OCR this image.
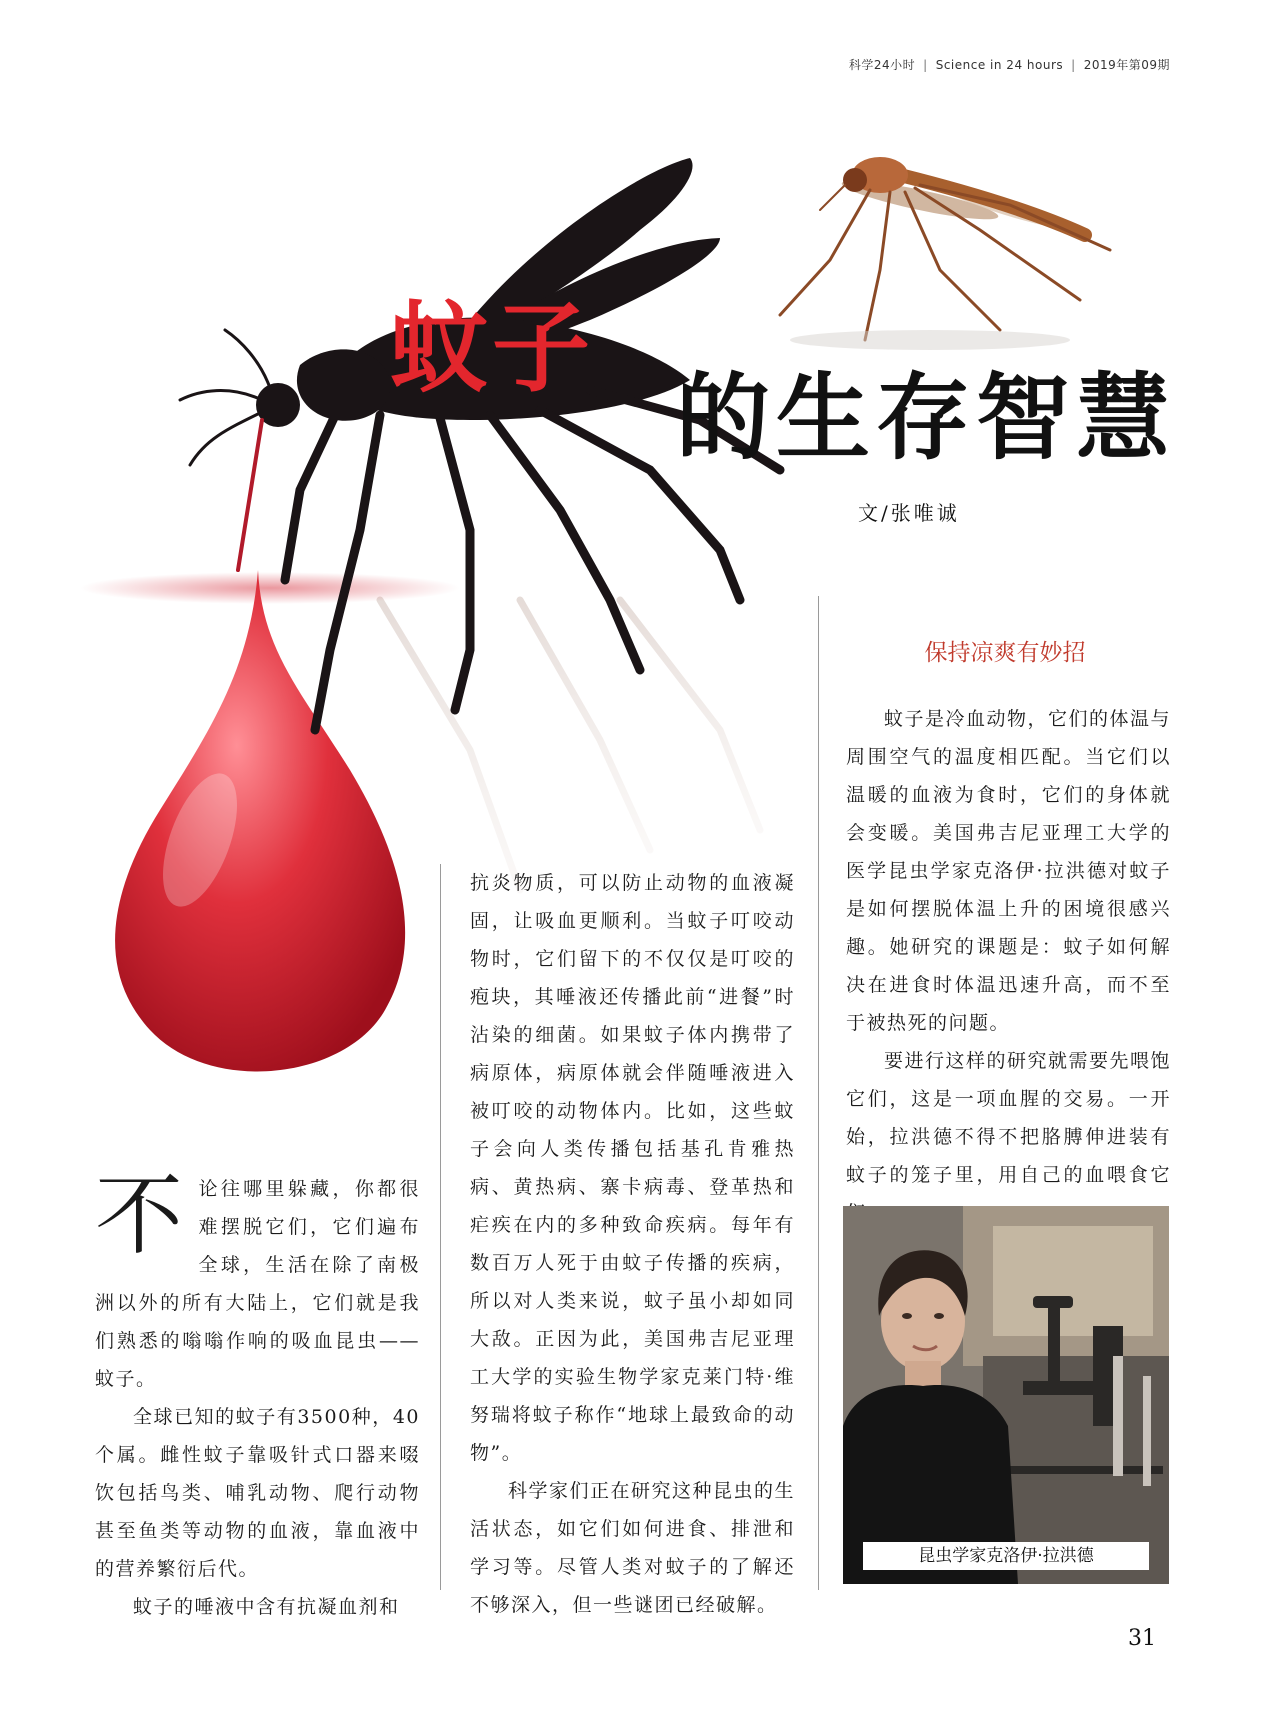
科学24小时 | Science in 24 hours | 2019年第09期
蚊子
的生存智慧
文/张唯诚
保持凉爽有妙招

不论往哪里躲藏，你都很难摆脱它们，它们遍布全球，生活在除了南极洲以外的所有大陆上，它们就是我们熟悉的嗡嗡作响的吸血昆虫——蚊子。

全球已知的蚊子有3500种，40个属。雌性蚊子靠吸针式口器来啜饮包括鸟类、哺乳动物、爬行动物甚至鱼类等动物的血液，靠血液中的营养繁衍后代。

蚊子的唾液中含有抗凝血剂和

抗炎物质，可以防止动物的血液凝固，让吸血更顺利。当蚊子叮咬动物时，它们留下的不仅仅是叮咬的疱块，其唾液还传播此前“进餐”时沾染的细菌。如果蚊子体内携带了病原体，病原体就会伴随唾液进入被叮咬的动物体内。比如，这些蚊子会向人类传播包括基孔肯雅热病、黄热病、寨卡病毒、登革热和疟疾在内的多种致命疾病。每年有数百万人死于由蚊子传播的疾病，所以对人类来说，蚊子虽小却如同大敌。正因为此，美国弗吉尼亚理工大学的实验生物学家克莱门特·维努瑞将蚊子称作“地球上最致命的动物”。

科学家们正在研究这种昆虫的生活状态，如它们如何进食、排泄和学习等。尽管人类对蚊子的了解还不够深入，但一些谜团已经破解。

蚊子是冷血动物，它们的体温与周围空气的温度相匹配。当它们以温暖的血液为食时，它们的身体就会变暖。美国弗吉尼亚理工大学的医学昆虫学家克洛伊·拉洪德对蚊子是如何摆脱体温上升的困境很感兴趣。她研究的课题是：蚊子如何解决在进食时体温迅速升高，而不至于被热死的问题。

要进行这样的研究就需要先喂饱它们，这是一项血腥的交易。一开始，拉洪德不得不把胳膊伸进装有蚊子的笼子里，用自己的血喂食它

昆虫学家克洛伊·拉洪德
31
